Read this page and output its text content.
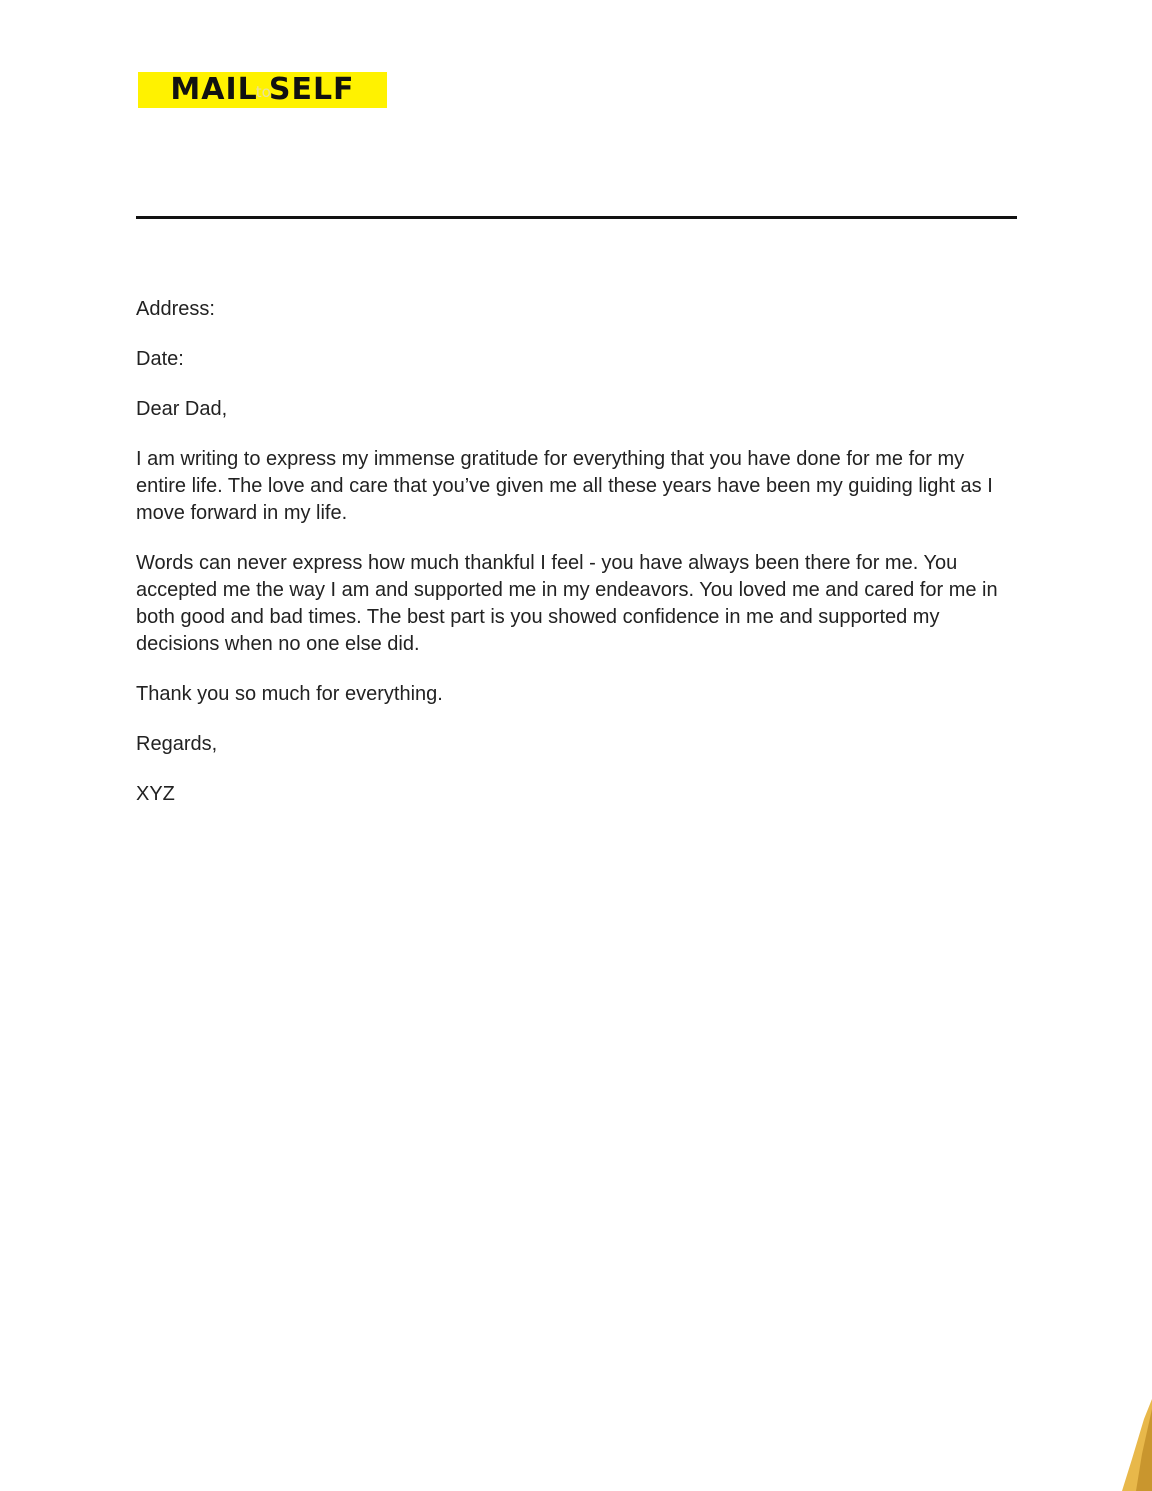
MAIL
to
SELF

Address:

Date:

Dear Dad,

I am writing to express my immense gratitude for everything that you have done for me for my entire life. The love and care that you’ve given me all these years have been my guiding light as I move forward in my life.

Words can never express how much thankful I feel - you have always been there for me. You accepted me the way I am and supported me in my endeavors. You loved me and cared for me in both good and bad times. The best part is you showed confidence in me and supported my decisions when no one else did.

Thank you so much for everything.

Regards,

XYZ
